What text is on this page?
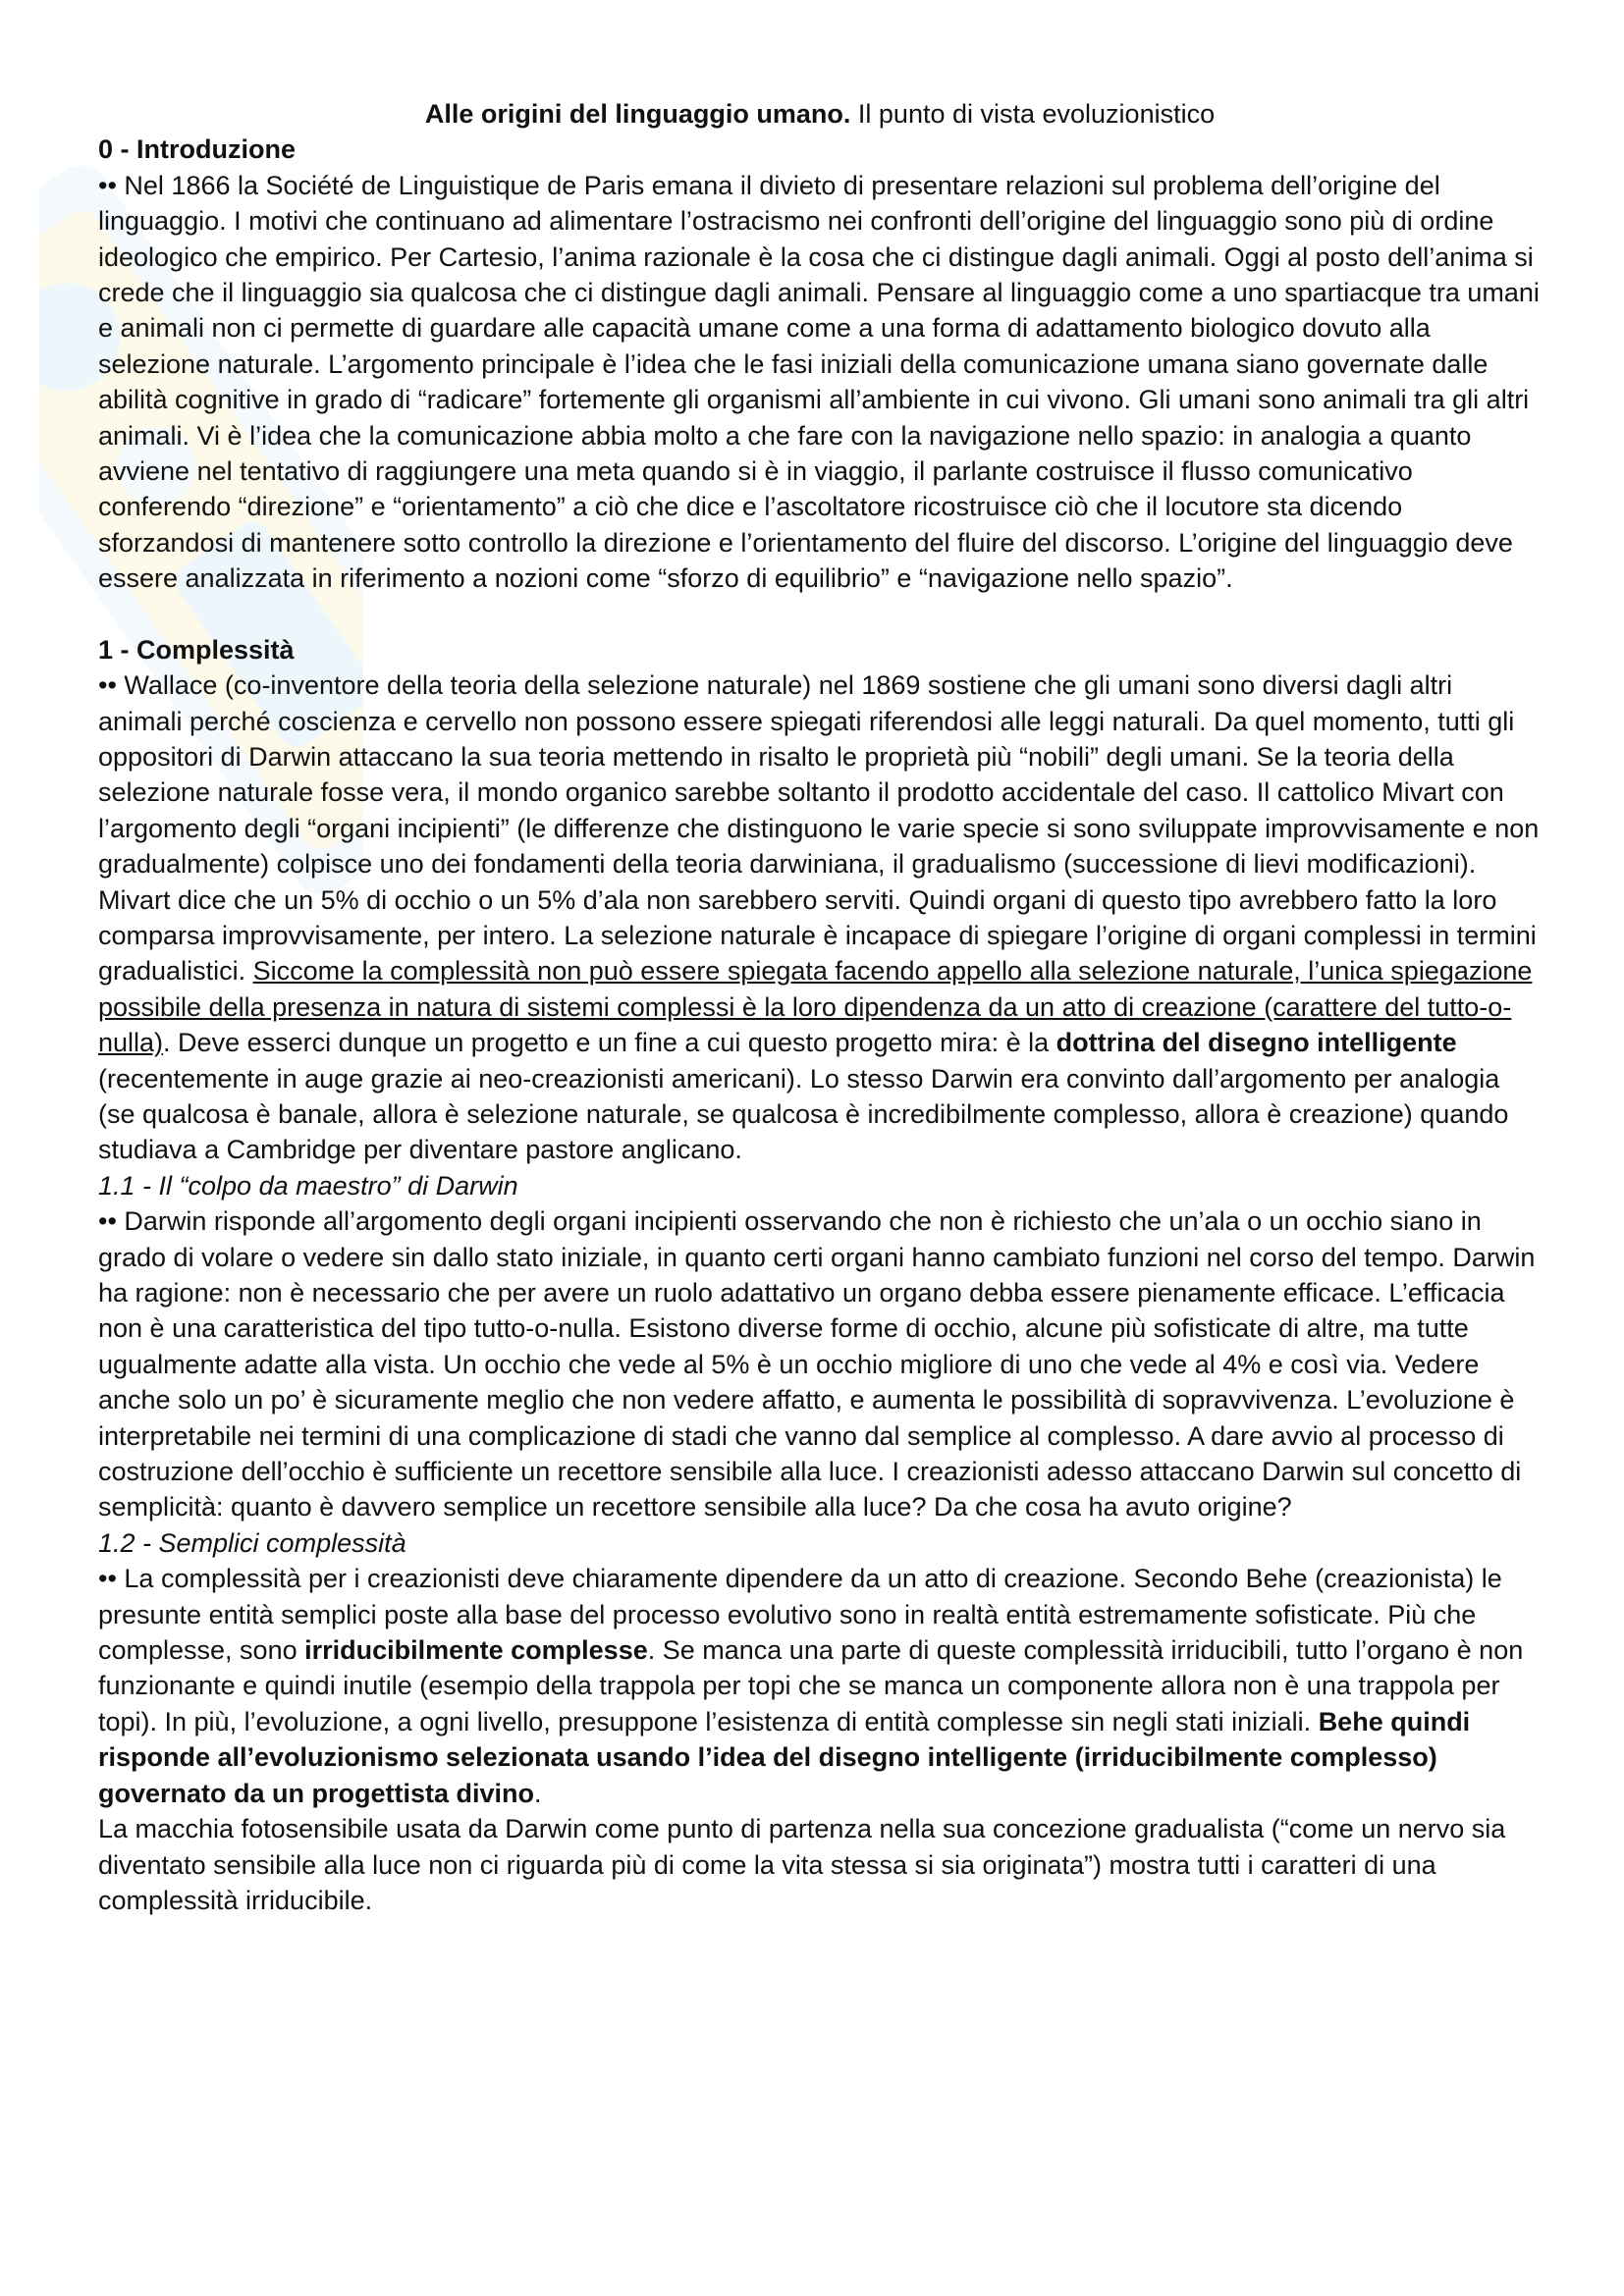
Alle origini del linguaggio umano. Il punto di vista evoluzionistico

0 - Introduzione

•• Nel 1866 la Société de Linguistique de Paris emana il divieto di presentare relazioni sul problema dell’origine del linguaggio. I motivi che continuano ad alimentare l’ostracismo nei confronti dell’origine del linguaggio sono più di ordine ideologico che empirico. Per Cartesio, l’anima razionale è la cosa che ci distingue dagli animali. Oggi al posto dell’anima si crede che il linguaggio sia qualcosa che ci distingue dagli animali. Pensare al linguaggio come a uno spartiacque tra umani e animali non ci permette di guardare alle capacità umane come a una forma di adattamento biologico dovuto alla selezione naturale. L’argomento principale è l’idea che le fasi iniziali della comunicazione umana siano governate dalle abilità cognitive in grado di “radicare” fortemente gli organismi all’ambiente in cui vivono. Gli umani sono animali tra gli altri animali. Vi è l’idea che la comunicazione abbia molto a che fare con la navigazione nello spazio: in analogia a quanto avviene nel tentativo di raggiungere una meta quando si è in viaggio, il parlante costruisce il flusso comunicativo conferendo “direzione” e “orientamento” a ciò che dice e l’ascoltatore ricostruisce ciò che il locutore sta dicendo sforzandosi di mantenere sotto controllo la direzione e l’orientamento del fluire del discorso. L’origine del linguaggio deve essere analizzata in riferimento a nozioni come “sforzo di equilibrio” e “navigazione nello spazio”.

1 - Complessità

•• Wallace (co-inventore della teoria della selezione naturale) nel 1869 sostiene che gli umani sono diversi dagli altri animali perché coscienza e cervello non possono essere spiegati riferendosi alle leggi naturali. Da quel momento, tutti gli oppositori di Darwin attaccano la sua teoria mettendo in risalto le proprietà più “nobili” degli umani. Se la teoria della selezione naturale fosse vera, il mondo organico sarebbe soltanto il prodotto accidentale del caso. Il cattolico Mivart con l’argomento degli “organi incipienti” (le differenze che distinguono le varie specie si sono sviluppate improvvisamente e non gradualmente) colpisce uno dei fondamenti della teoria darwiniana, il gradualismo (successione di lievi modificazioni). Mivart dice che un 5% di occhio o un 5% d’ala non sarebbero serviti. Quindi organi di questo tipo avrebbero fatto la loro comparsa improvvisamente, per intero. La selezione naturale è incapace di spiegare l’origine di organi complessi in termini gradualistici. Siccome la complessità non può essere spiegata facendo appello alla selezione naturale, l’unica spiegazione possibile della presenza in natura di sistemi complessi è la loro dipendenza da un atto di creazione (carattere del tutto-o-nulla). Deve esserci dunque un progetto e un fine a cui questo progetto mira: è la dottrina del disegno intelligente (recentemente in auge grazie ai neo-creazionisti americani). Lo stesso Darwin era convinto dall’argomento per analogia (se qualcosa è banale, allora è selezione naturale, se qualcosa è incredibilmente complesso, allora è creazione) quando studiava a Cambridge per diventare pastore anglicano.

1.1 - Il “colpo da maestro” di Darwin

•• Darwin risponde all’argomento degli organi incipienti osservando che non è richiesto che un’ala o un occhio siano in grado di volare o vedere sin dallo stato iniziale, in quanto certi organi hanno cambiato funzioni nel corso del tempo. Darwin ha ragione: non è necessario che per avere un ruolo adattativo un organo debba essere pienamente efficace. L’efficacia non è una caratteristica del tipo tutto-o-nulla. Esistono diverse forme di occhio, alcune più sofisticate di altre, ma tutte ugualmente adatte alla vista. Un occhio che vede al 5% è un occhio migliore di uno che vede al 4% e così via. Vedere anche solo un po’ è sicuramente meglio che non vedere affatto, e aumenta le possibilità di sopravvivenza. L’evoluzione è interpretabile nei termini di una complicazione di stadi che vanno dal semplice al complesso. A dare avvio al processo di costruzione dell’occhio è sufficiente un recettore sensibile alla luce. I creazionisti adesso attaccano Darwin sul concetto di semplicità: quanto è davvero semplice un recettore sensibile alla luce? Da che cosa ha avuto origine?

1.2 - Semplici complessità

•• La complessità per i creazionisti deve chiaramente dipendere da un atto di creazione. Secondo Behe (creazionista) le presunte entità semplici poste alla base del processo evolutivo sono in realtà entità estremamente sofisticate. Più che complesse, sono irriducibilmente complesse. Se manca una parte di queste complessità irriducibili, tutto l’organo è non funzionante e quindi inutile (esempio della trappola per topi che se manca un componente allora non è una trappola per topi). In più, l’evoluzione, a ogni livello, presuppone l’esistenza di entità complesse sin negli stati iniziali. Behe quindi risponde all’evoluzionismo selezionata usando l’idea del disegno intelligente (irriducibilmente complesso) governato da un progettista divino.

La macchia fotosensibile usata da Darwin come punto di partenza nella sua concezione gradualista (“come un nervo sia diventato sensibile alla luce non ci riguarda più di come la vita stessa si sia originata”) mostra tutti i caratteri di una complessità irriducibile.
